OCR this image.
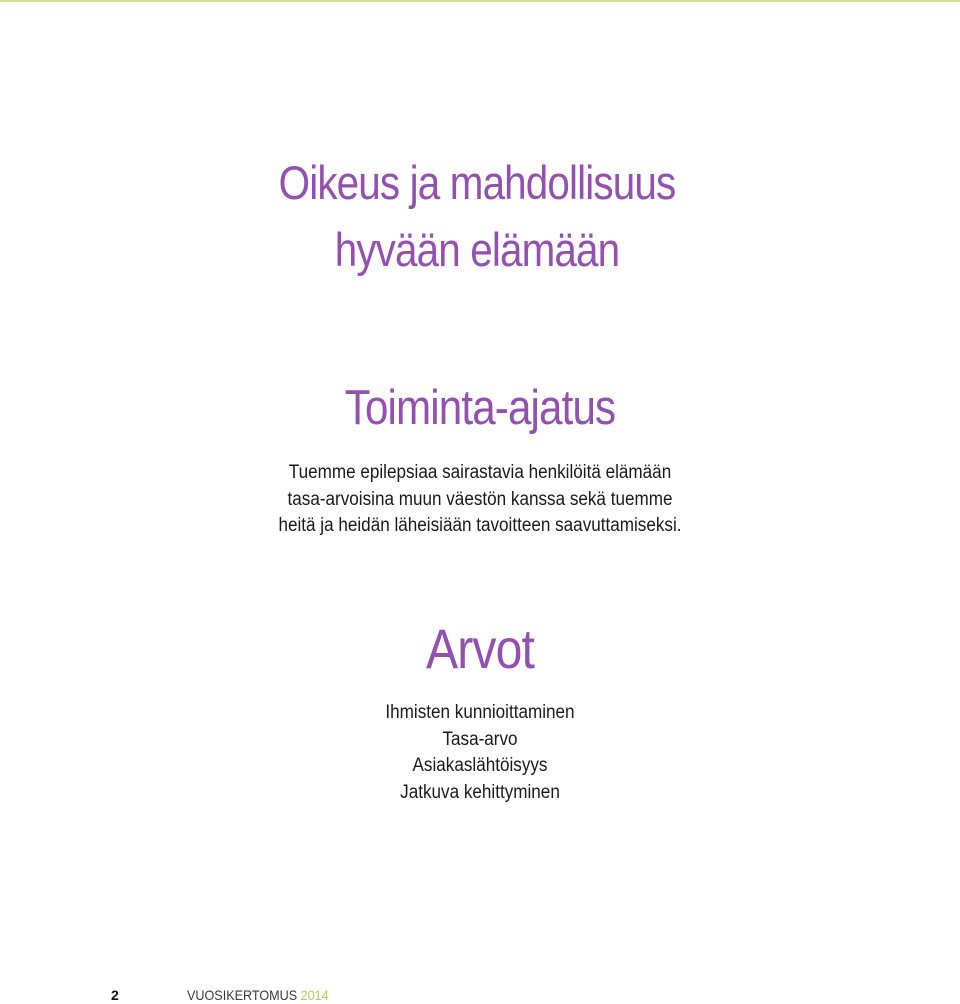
Oikeus ja mahdollisuus
hyvään elämään
Toiminta-ajatus
Tuemme epilepsiaa sairastavia henkilöitä elämään
tasa-arvoisina muun väestön kanssa sekä tuemme
heitä ja heidän läheisiään tavoitteen saavuttamiseksi.
Arvot
Ihmisten kunnioittaminen
Tasa-arvo
Asiakaslähtöisyys
Jatkuva kehittyminen
2	VUOSIKERTOMUS 2014
